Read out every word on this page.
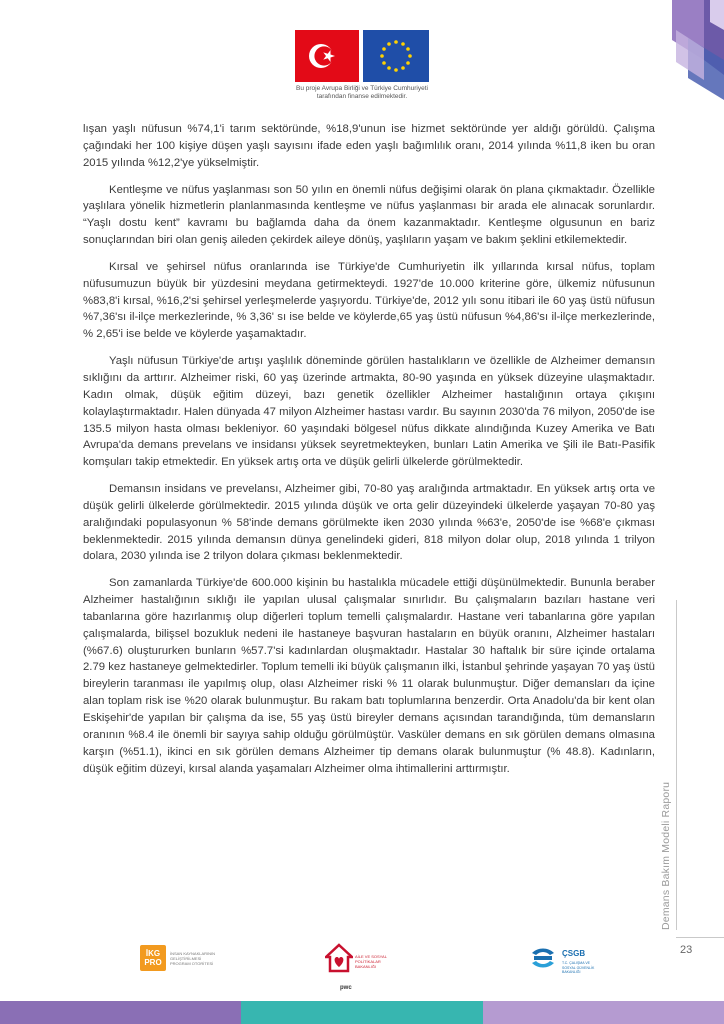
Bu proje Avrupa Birliği ve Türkiye Cumhuriyeti
tarafından finanse edilmektedir.

lışan yaşlı nüfusun %74,1'i tarım sektöründe, %18,9'unun ise hizmet sektöründe yer aldığı görüldü. Çalışma çağındaki her 100 kişiye düşen yaşlı sayısını ifade eden yaşlı bağımlılık oranı, 2014 yılında %11,8 iken bu oran 2015 yılında %12,2'ye yükselmiştir.

Kentleşme ve nüfus yaşlanması son 50 yılın en önemli nüfus değişimi olarak ön plana çıkmaktadır. Özellikle yaşlılara yönelik hizmetlerin planlanmasında kentleşme ve nüfus yaşlanması bir arada ele alınacak sorunlardır. “Yaşlı dostu kent” kavramı bu bağlamda daha da önem kazanmaktadır. Kentleşme olgusunun en bariz sonuçlarından biri olan geniş aileden çekirdek aileye dönüş, yaşlıların yaşam ve bakım şeklini etkilemektedir.

Kırsal ve şehirsel nüfus oranlarında ise Türkiye'de Cumhuriyetin ilk yıllarında kırsal nüfus, toplam nüfusumuzun büyük bir yüzdesini meydana getirmekteydi. 1927'de 10.000 kriterine göre, ülkemiz nüfusunun %83,8'i kırsal, %16,2'si şehirsel yerleşmelerde yaşıyordu. Türkiye'de, 2012 yılı sonu itibari ile 60 yaş üstü nüfusun %7,36'sı il-ilçe merkezlerinde, % 3,36' sı ise belde ve köylerde,65 yaş üstü nüfusun %4,86'sı il-ilçe merkezlerinde, % 2,65'i ise belde ve köylerde yaşamaktadır.

Yaşlı nüfusun Türkiye'de artışı yaşlılık döneminde görülen hastalıkların ve özellikle de Alzheimer demansın sıklığını da arttırır. Alzheimer riski, 60 yaş üzerinde artmakta, 80-90 yaşında en yüksek düzeyine ulaşmaktadır. Kadın olmak, düşük eğitim düzeyi, bazı genetik özellikler Alzheimer hastalığının ortaya çıkışını kolaylaştırmaktadır. Halen dünyada 47 milyon Alzheimer hastası vardır. Bu sayının 2030'da 76 milyon, 2050'de ise 135.5 milyon hasta olması bekleniyor. 60 yaşındaki bölgesel nüfus dikkate alındığında Kuzey Amerika ve Batı Avrupa'da demans prevelans ve insidansı yüksek seyretmekteyken, bunları Latin Amerika ve Şili ile Batı-Pasifik komşuları takip etmektedir. En yüksek artış orta ve düşük gelirli ülkelerde görülmektedir.

Demansın insidans ve prevelansı, Alzheimer gibi, 70-80 yaş aralığında artmaktadır. En yüksek artış orta ve düşük gelirli ülkelerde görülmektedir. 2015 yılında düşük ve orta gelir düzeyindeki ülkelerde yaşayan 70-80 yaş aralığındaki populasyonun % 58'inde demans görülmekte iken 2030 yılında %63'e, 2050'de ise %68'e çıkması beklenmektedir. 2015 yılında demansın dünya genelindeki gideri, 818 milyon dolar olup, 2018 yılında 1 trilyon dolara, 2030 yılında ise 2 trilyon dolara çıkması beklenmektedir.

Son zamanlarda Türkiye'de 600.000 kişinin bu hastalıkla mücadele ettiği düşünülmektedir. Bununla beraber Alzheimer hastalığının sıklığı ile yapılan ulusal çalışmalar sınırlıdır. Bu çalışmaların bazıları hastane veri tabanlarına göre hazırlanmış olup diğerleri toplum temelli çalışmalardır. Hastane veri tabanlarına göre yapılan çalışmalarda, bilişsel bozukluk nedeni ile hastaneye başvuran hastaların en büyük oranını, Alzheimer hastaları (%67.6) oluştururken bunların %57.7'si kadınlardan oluşmaktadır. Hastalar 30 haftalık bir süre içinde ortalama 2.79 kez hastaneye gelmektedirler. Toplum temelli iki büyük çalışmanın ilki, İstanbul şehrinde yaşayan 70 yaş üstü bireylerin taranması ile yapılmış olup, olası Alzheimer riski % 11 olarak bulunmuştur. Diğer demansları da içine alan toplam risk ise %20 olarak bulunmuştur. Bu rakam batı toplumlarına benzerdir. Orta Anadolu'da bir kent olan Eskişehir'de yapılan bir çalışma da ise, 55 yaş üstü bireyler demans açısından tarandığında, tüm demansların oranının %8.4 ile önemli bir sayıya sahip olduğu görülmüştür. Vasküler demans en sık görülen demans olmasına karşın (%51.1), ikinci en sık görülen demans Alzheimer tip demans olarak bulunmuştur (% 48.8). Kadınların, düşük eğitim düzeyi, kırsal alanda yaşamaları Alzheimer olma ihtimallerini arttırmıştır.

Demans Bakım Modeli Raporu
23
İKG
PRO
İNSAN KAYNAKLARININ GELİŞTİRİLMESİ PROGRAM OTORİTESİ
AİLE VE SOSYAL POLİTİKALAR BAKANLIĞI
pwc
ÇSGB
T.C. ÇALIŞMA VE SOSYAL GÜVENLİK BAKANLIĞI
